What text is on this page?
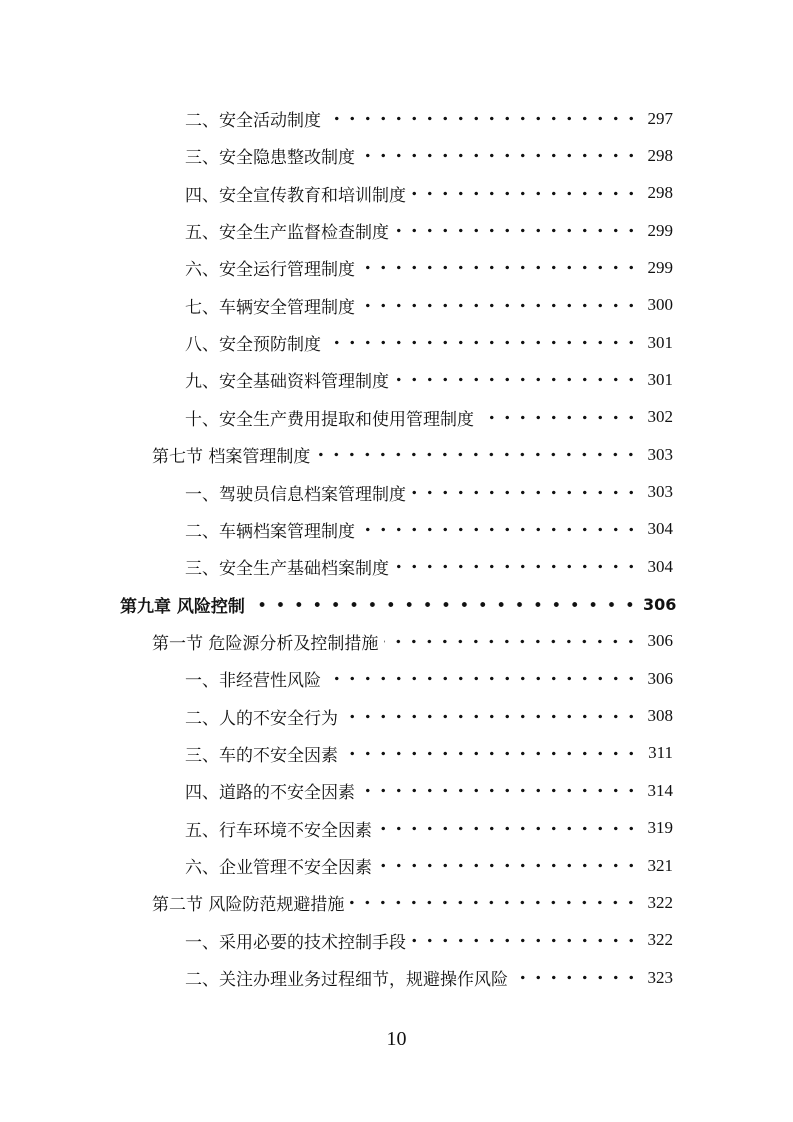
二、安全活动制度	297
三、安全隐患整改制度	298
四、安全宣传教育和培训制度	298
五、安全生产监督检查制度	299
六、安全运行管理制度	299
七、车辆安全管理制度	300
八、安全预防制度	301
九、安全基础资料管理制度	301
十、安全生产费用提取和使用管理制度	302
第七节 档案管理制度	303
一、驾驶员信息档案管理制度	303
二、车辆档案管理制度	304
三、安全生产基础档案制度	304
第九章 风险控制	306
第一节 危险源分析及控制措施	306
一、非经营性风险	306
二、人的不安全行为	308
三、车的不安全因素	311
四、道路的不安全因素	314
五、行车环境不安全因素	319
六、企业管理不安全因素	321
第二节 风险防范规避措施	322
一、采用必要的技术控制手段	322
二、关注办理业务过程细节，规避操作风险	323
10
